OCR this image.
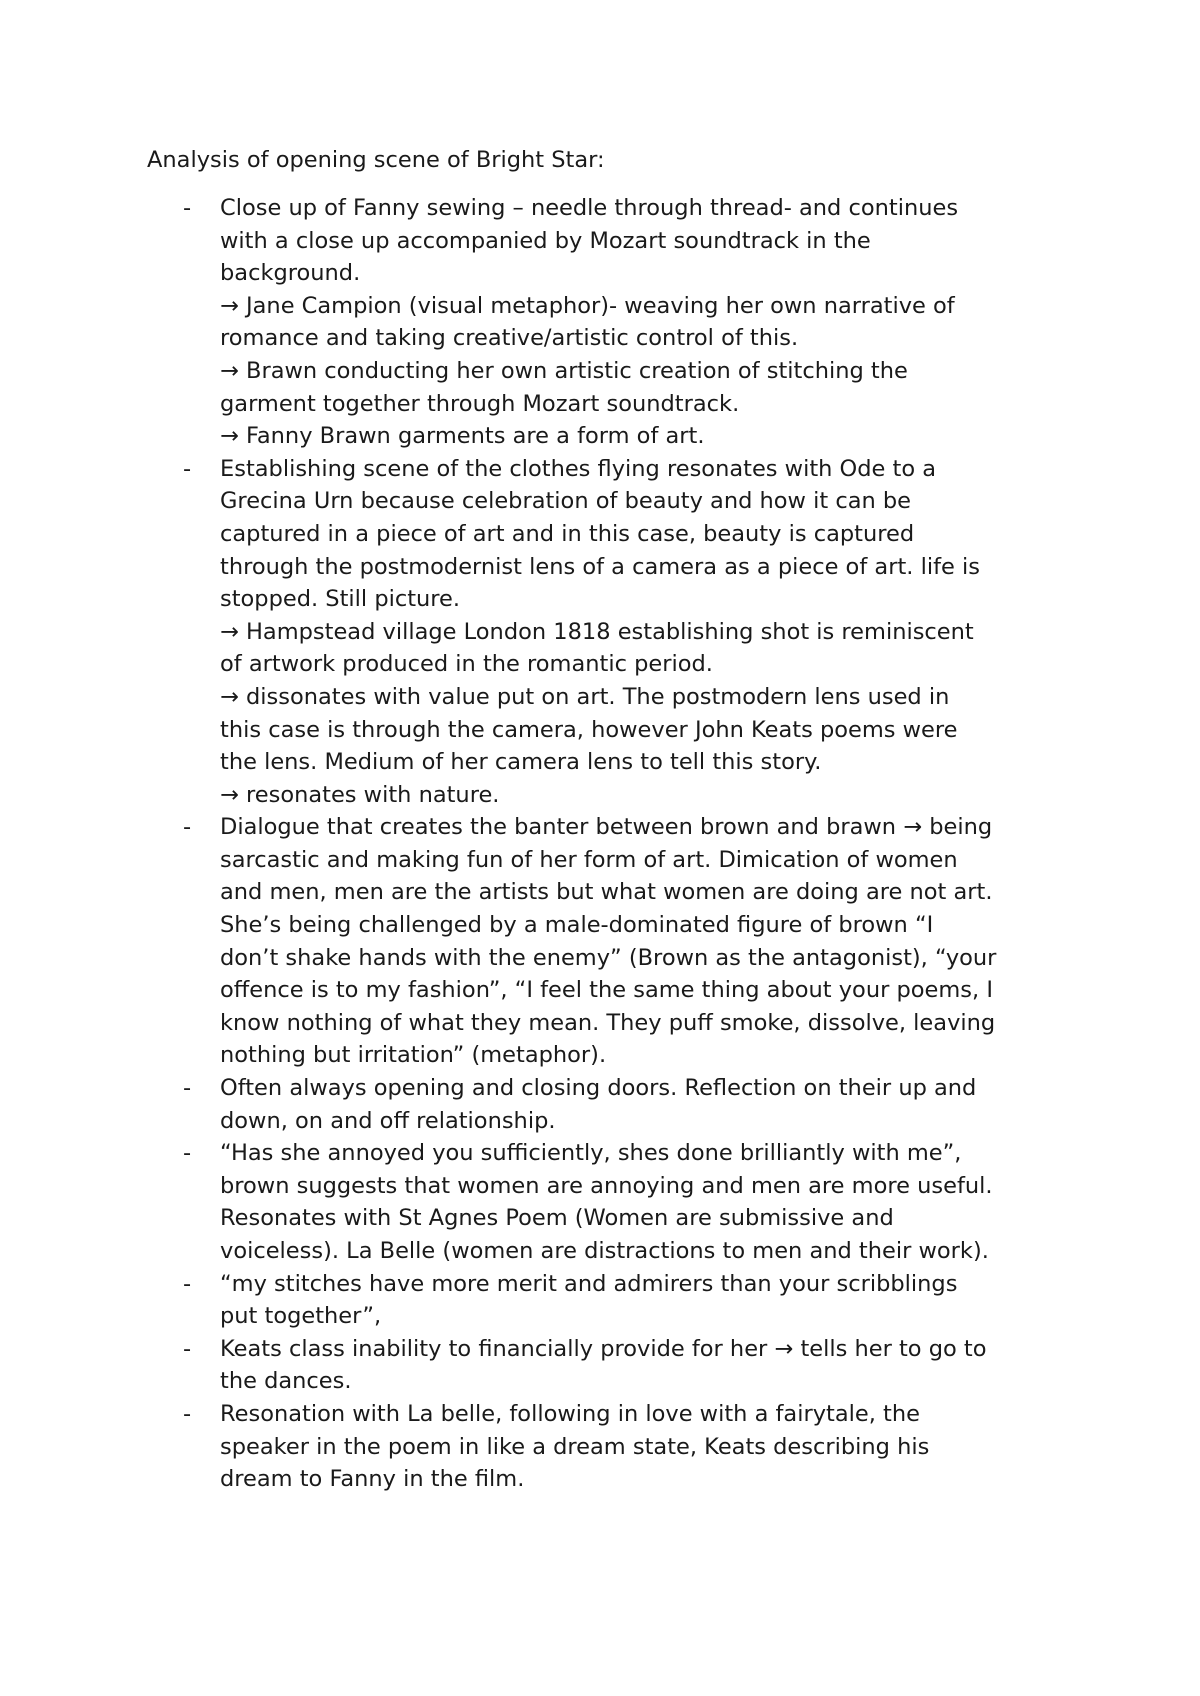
Analysis of opening scene of Bright Star:
- Close up of Fanny sewing – needle through thread- and continues
with a close up accompanied by Mozart soundtrack in the
background.
→ Jane Campion (visual metaphor)- weaving her own narrative of
romance and taking creative/artistic control of this.
→ Brawn conducting her own artistic creation of stitching the
garment together through Mozart soundtrack.
→ Fanny Brawn garments are a form of art.
- Establishing scene of the clothes flying resonates with Ode to a
Grecina Urn because celebration of beauty and how it can be
captured in a piece of art and in this case, beauty is captured
through the postmodernist lens of a camera as a piece of art. life is
stopped. Still picture.
→ Hampstead village London 1818 establishing shot is reminiscent
of artwork produced in the romantic period.
→ dissonates with value put on art. The postmodern lens used in
this case is through the camera, however John Keats poems were
the lens. Medium of her camera lens to tell this story.
→ resonates with nature.
- Dialogue that creates the banter between brown and brawn → being
sarcastic and making fun of her form of art. Dimication of women
and men, men are the artists but what women are doing are not art.
She’s being challenged by a male-dominated figure of brown “I
don’t shake hands with the enemy” (Brown as the antagonist), “your
offence is to my fashion”, “I feel the same thing about your poems, I
know nothing of what they mean. They puff smoke, dissolve, leaving
nothing but irritation” (metaphor).
- Often always opening and closing doors. Reflection on their up and
down, on and off relationship.
- “Has she annoyed you sufficiently, shes done brilliantly with me”,
brown suggests that women are annoying and men are more useful.
Resonates with St Agnes Poem (Women are submissive and
voiceless). La Belle (women are distractions to men and their work).
- “my stitches have more merit and admirers than your scribblings
put together”,
- Keats class inability to financially provide for her → tells her to go to
the dances.
- Resonation with La belle, following in love with a fairytale, the
speaker in the poem in like a dream state, Keats describing his
dream to Fanny in the film.
